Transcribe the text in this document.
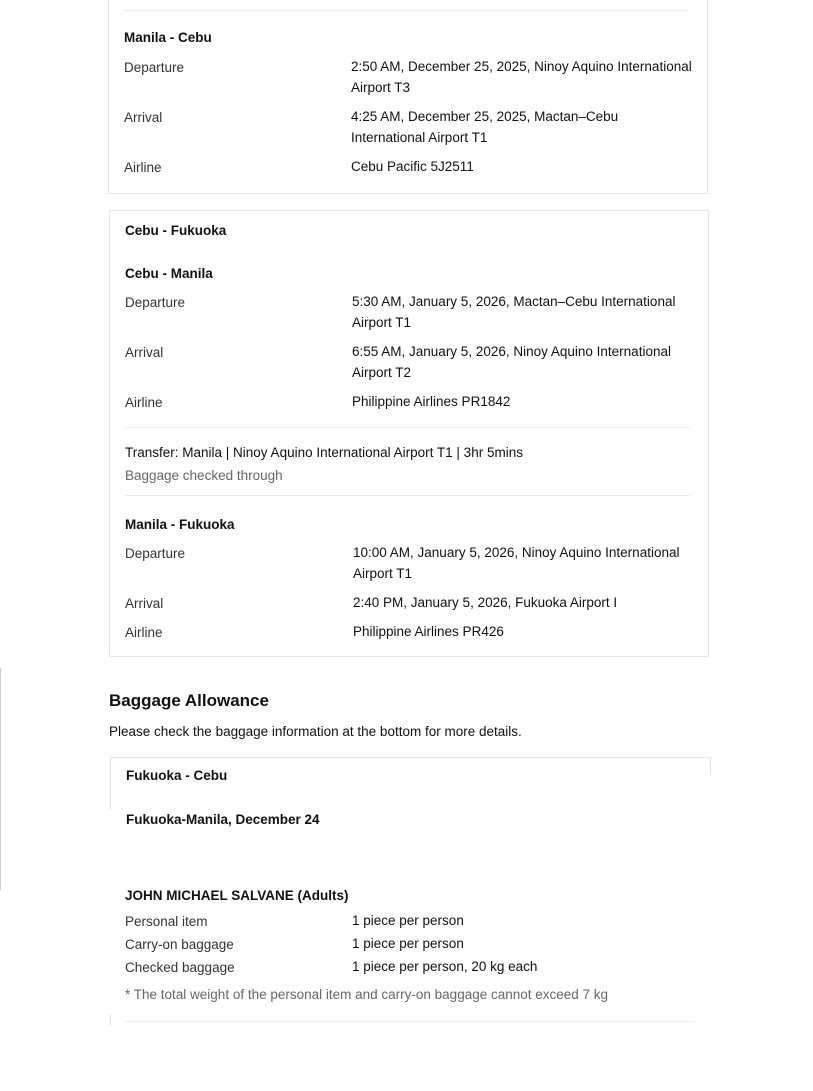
Manila - Cebu
Departure	2:50 AM, December 25, 2025, Ninoy Aquino International Airport T3
Arrival	4:25 AM, December 25, 2025, Mactan–Cebu International Airport T1
Airline	Cebu Pacific 5J2511
Cebu - Fukuoka
Cebu - Manila
Departure	5:30 AM, January 5, 2026, Mactan–Cebu International Airport T1
Arrival	6:55 AM, January 5, 2026, Ninoy Aquino International Airport T2
Airline	Philippine Airlines PR1842
Transfer: Manila | Ninoy Aquino International Airport T1 | 3hr 5mins
Baggage checked through
Manila - Fukuoka
Departure	10:00 AM, January 5, 2026, Ninoy Aquino International Airport T1
Arrival	2:40 PM, January 5, 2026, Fukuoka Airport I
Airline	Philippine Airlines PR426
Baggage Allowance
Please check the baggage information at the bottom for more details.
Fukuoka - Cebu
Fukuoka-Manila, December 24
JOHN MICHAEL SALVANE (Adults)
Personal item	1 piece per person
Carry-on baggage	1 piece per person
Checked baggage	1 piece per person, 20 kg each
* The total weight of the personal item and carry-on baggage cannot exceed 7 kg
